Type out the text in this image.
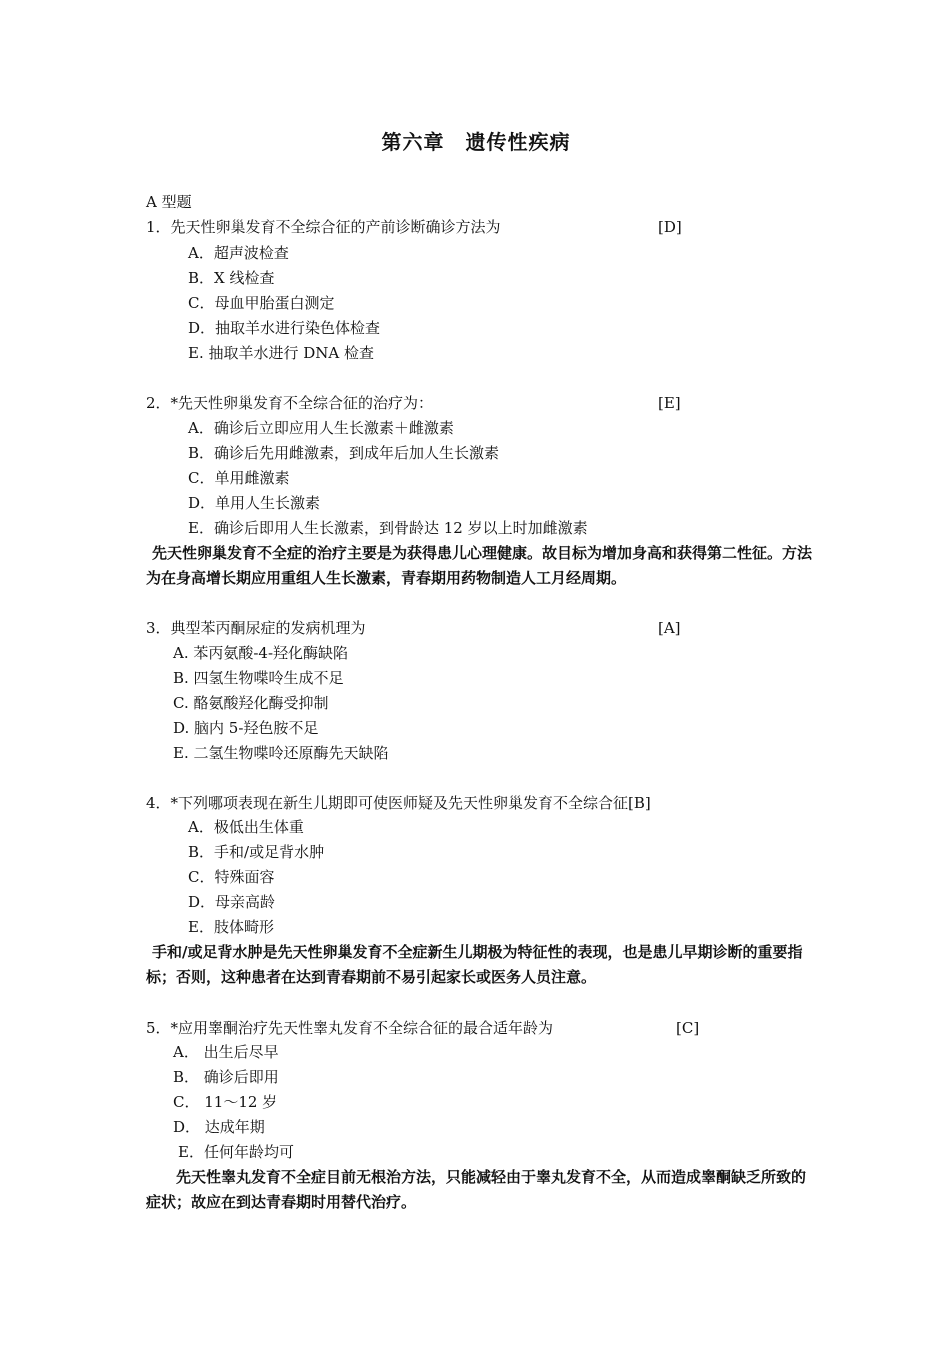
第六章　遗传性疾病
A 型题
1．先天性卵巢发育不全综合征的产前诊断确诊方法为	[D]
A．超声波检查
B．X 线检查
C．母血甲胎蛋白测定
D．抽取羊水进行染色体检查
E. 抽取羊水进行 DNA 检查
2．*先天性卵巢发育不全综合征的治疗为：	[E]
A．确诊后立即应用人生长激素＋雌激素
B．确诊后先用雌激素，到成年后加人生长激素
C．单用雌激素
D．单用人生长激素
E．确诊后即用人生长激素，到骨龄达 12 岁以上时加雌激素
先天性卵巢发育不全症的治疗主要是为获得患儿心理健康。故目标为增加身高和获得第二性征。方法为在身高增长期应用重组人生长激素，青春期用药物制造人工月经周期。
3．典型苯丙酮尿症的发病机理为	[A]
A. 苯丙氨酸-4-羟化酶缺陷
B. 四氢生物喋呤生成不足
C. 酪氨酸羟化酶受抑制
D. 脑内 5-羟色胺不足
E. 二氢生物喋呤还原酶先天缺陷
4．*下列哪项表现在新生儿期即可使医师疑及先天性卵巢发育不全综合征[B]
A．极低出生体重
B．手和/或足背水肿
C．特殊面容
D．母亲高龄
E．肢体畸形
手和/或足背水肿是先天性卵巢发育不全症新生儿期极为特征性的表现，也是患儿早期诊断的重要指标；否则，这种患者在达到青春期前不易引起家长或医务人员注意。
5．*应用睾酮治疗先天性睾丸发育不全综合征的最合适年龄为	[C]
A． 出生后尽早
B． 确诊后即用
C． 11～12 岁
D． 达成年期
E．任何年龄均可
先天性睾丸发育不全症目前无根治方法，只能减轻由于睾丸发育不全，从而造成睾酮缺乏所致的症状；故应在到达青春期时用替代治疗。
